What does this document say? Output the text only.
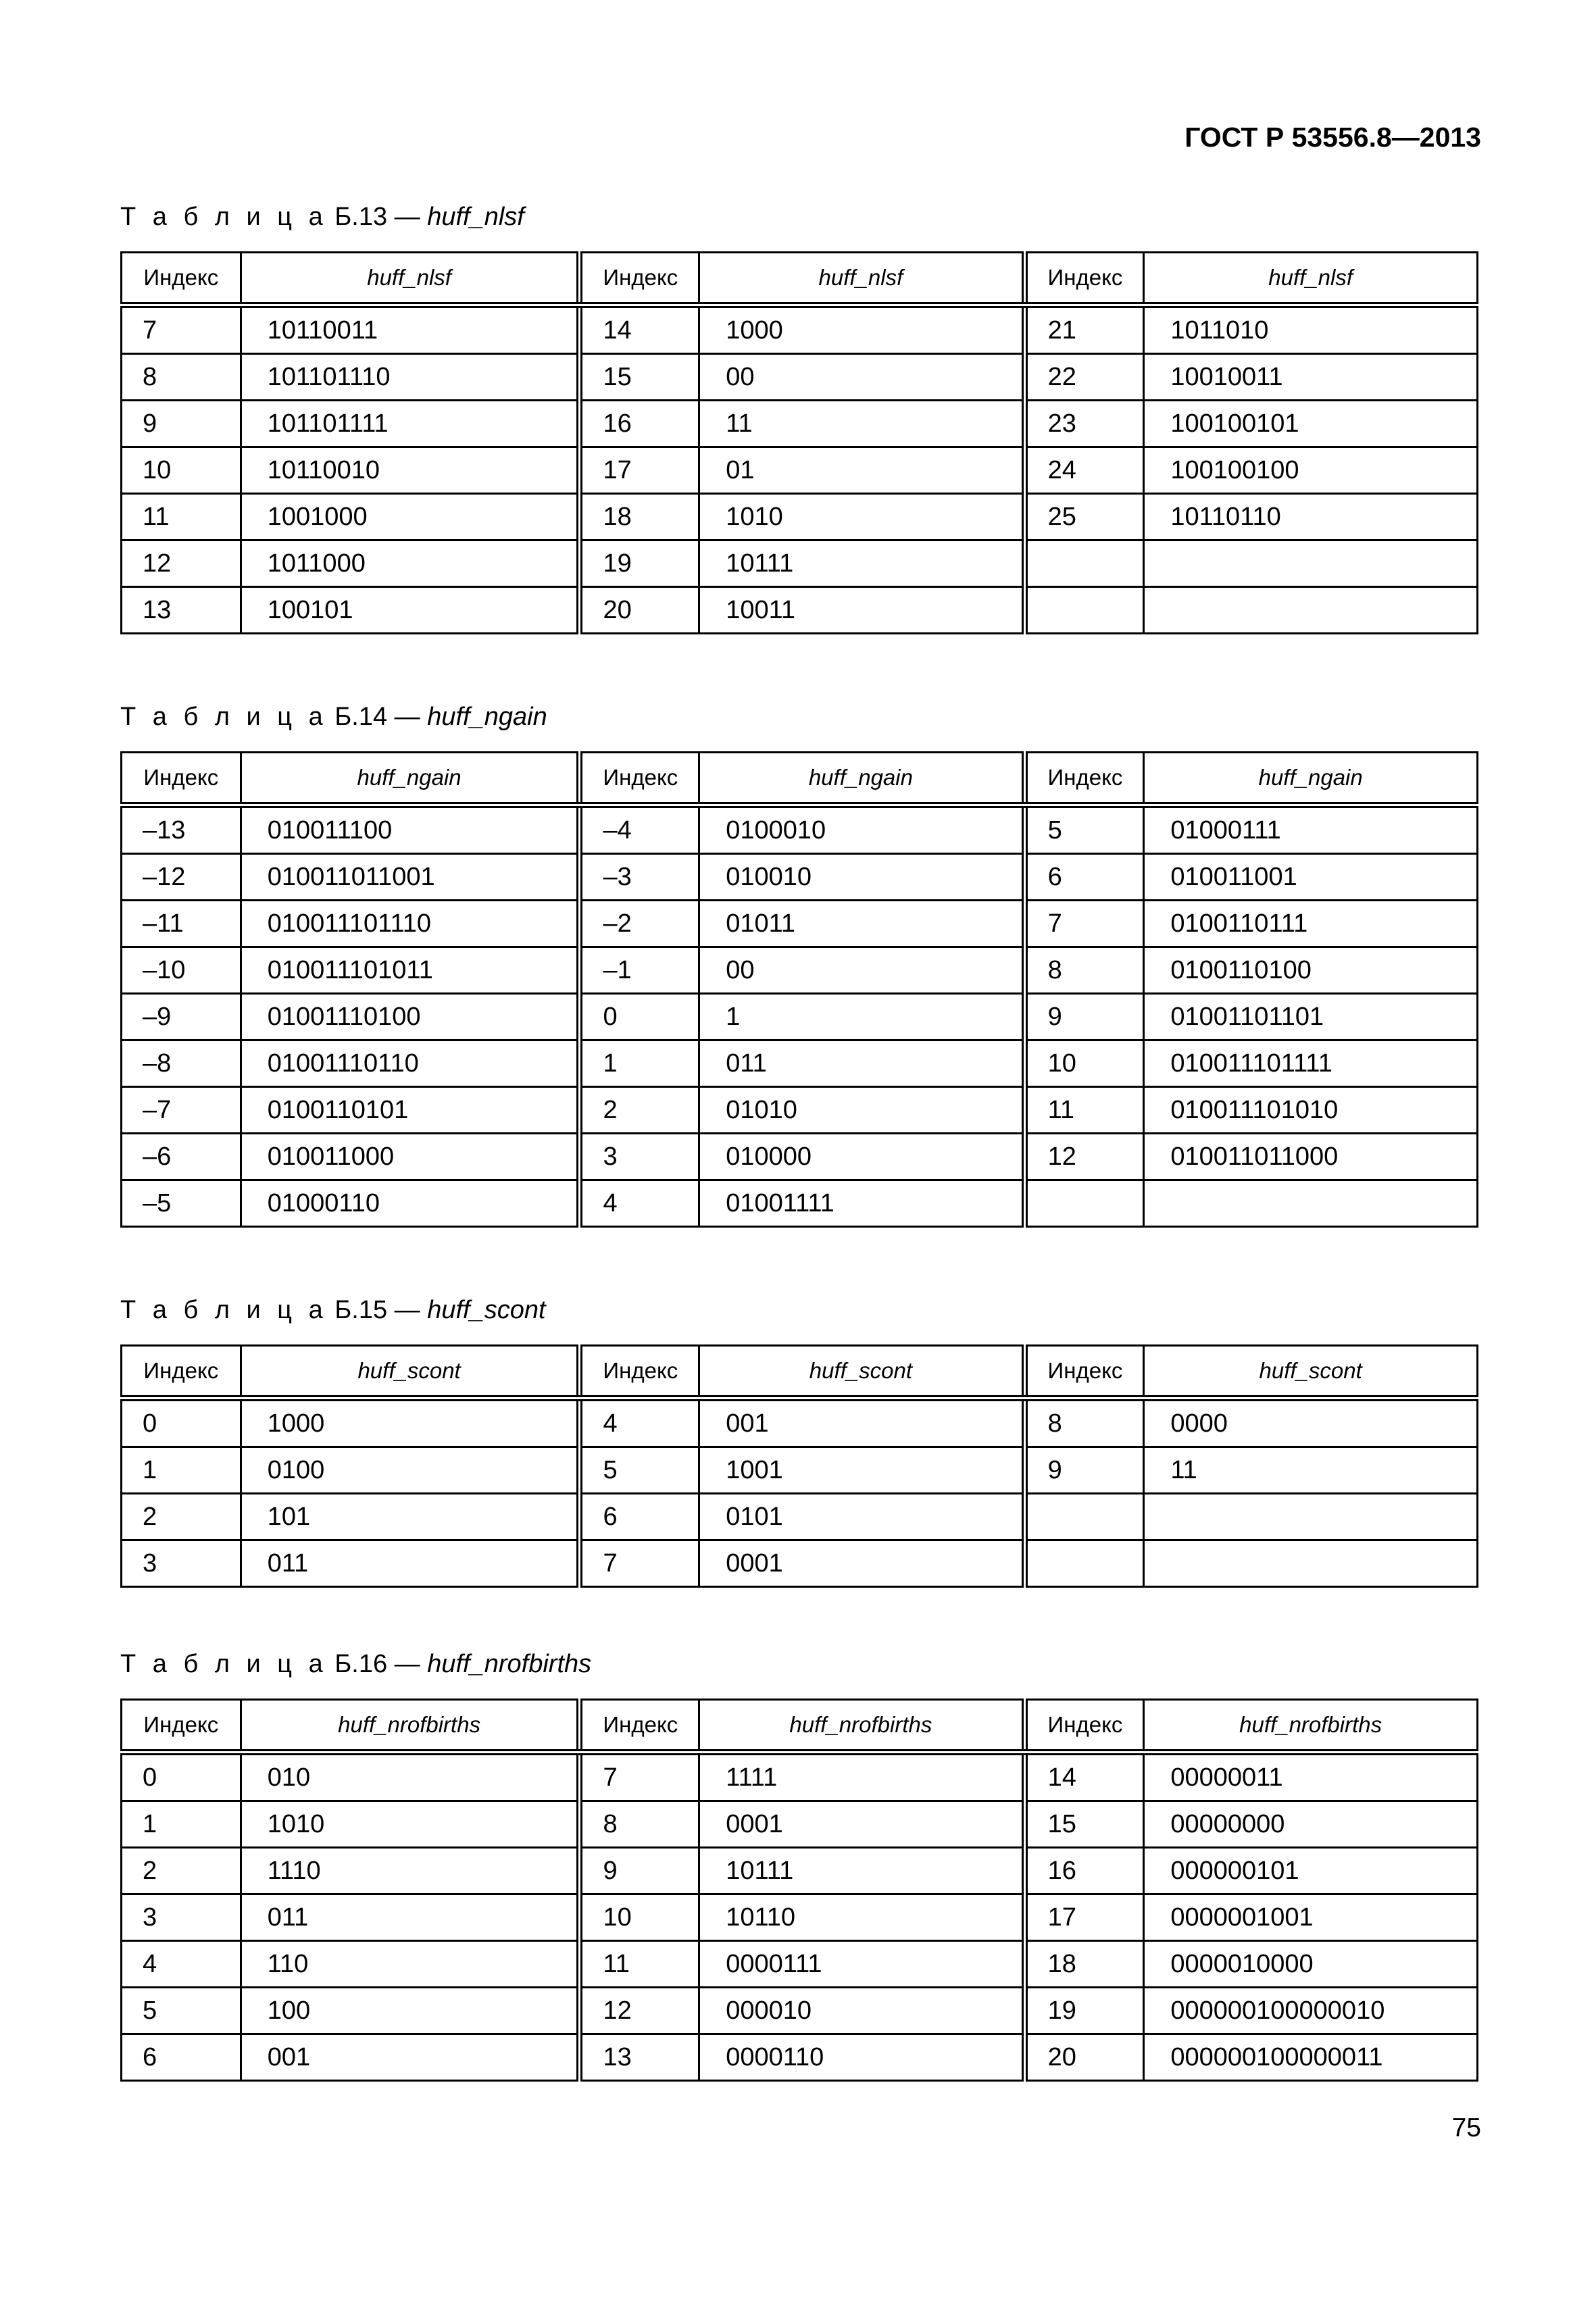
ГОСТ Р 53556.8—2013
Т а б л и ц а Б.13 — huff_nlsf
Индекс	huff_nlsf	Индекс	huff_nlsf	Индекс	huff_nlsf
7	10110011	14	1000	21	1011010
8	101101110	15	00	22	10010011
9	101101111	16	11	23	100100101
10	10110010	17	01	24	100100100
11	1001000	18	1010	25	10110110
12	1011000	19	10111		
13	100101	20	10011		
Т а б л и ц а Б.14 — huff_ngain
Индекс	huff_ngain	Индекс	huff_ngain	Индекс	huff_ngain
–13	010011100	–4	0100010	5	01000111
–12	010011011001	–3	010010	6	010011001
–11	010011101110	–2	01011	7	0100110111
–10	010011101011	–1	00	8	0100110100
–9	01001110100	0	1	9	01001101101
–8	01001110110	1	011	10	010011101111
–7	0100110101	2	01010	11	010011101010
–6	010011000	3	010000	12	010011011000
–5	01000110	4	01001111		
Т а б л и ц а Б.15 — huff_scont
Индекс	huff_scont	Индекс	huff_scont	Индекс	huff_scont
0	1000	4	001	8	0000
1	0100	5	1001	9	11
2	101	6	0101		
3	011	7	0001		
Т а б л и ц а Б.16 — huff_nrofbirths
Индекс	huff_nrofbirths	Индекс	huff_nrofbirths	Индекс	huff_nrofbirths
0	010	7	1111	14	00000011
1	1010	8	0001	15	00000000
2	1110	9	10111	16	000000101
3	011	10	10110	17	0000001001
4	110	11	0000111	18	0000010000
5	100	12	000010	19	000000100000010
6	001	13	0000110	20	000000100000011
75
